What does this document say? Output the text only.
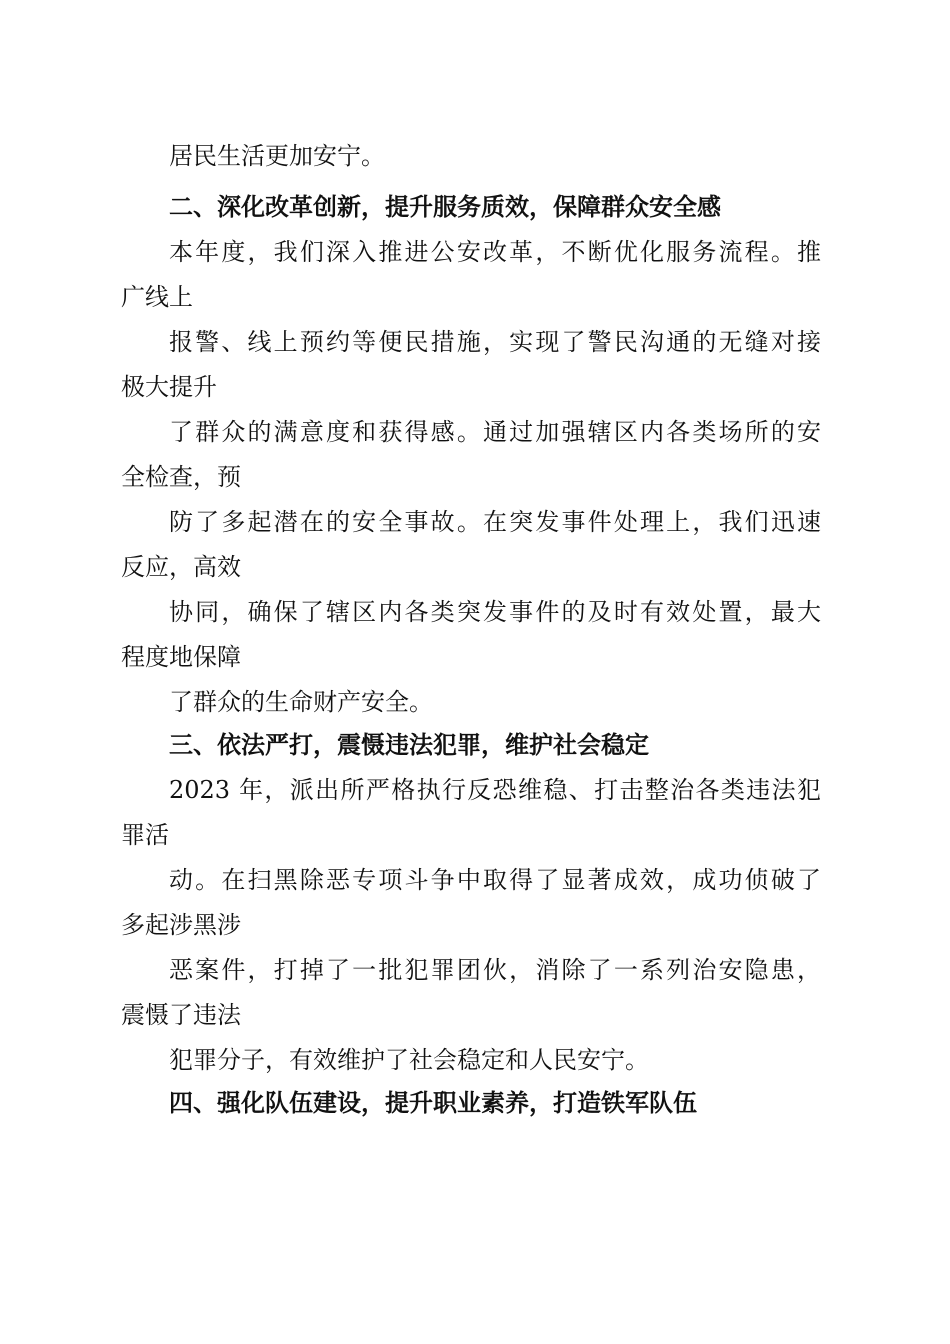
居民生活更加安宁。
二、深化改革创新，提升服务质效，保障群众安全感
本年度，我们深入推进公安改革，不断优化服务流程。推
广线上
报警、线上预约等便民措施，实现了警民沟通的无缝对接
极大提升
了群众的满意度和获得感。通过加强辖区内各类场所的安
全检查，预
防了多起潜在的安全事故。在突发事件处理上，我们迅速
反应，高效
协同，确保了辖区内各类突发事件的及时有效处置，最大
程度地保障
了群众的生命财产安全。
三、依法严打，震慑违法犯罪，维护社会稳定
2023 年，派出所严格执行反恐维稳、打击整治各类违法犯
罪活
动。在扫黑除恶专项斗争中取得了显著成效，成功侦破了
多起涉黑涉
恶案件，打掉了一批犯罪团伙，消除了一系列治安隐患，
震慑了违法
犯罪分子，有效维护了社会稳定和人民安宁。
四、强化队伍建设，提升职业素养，打造铁军队伍
